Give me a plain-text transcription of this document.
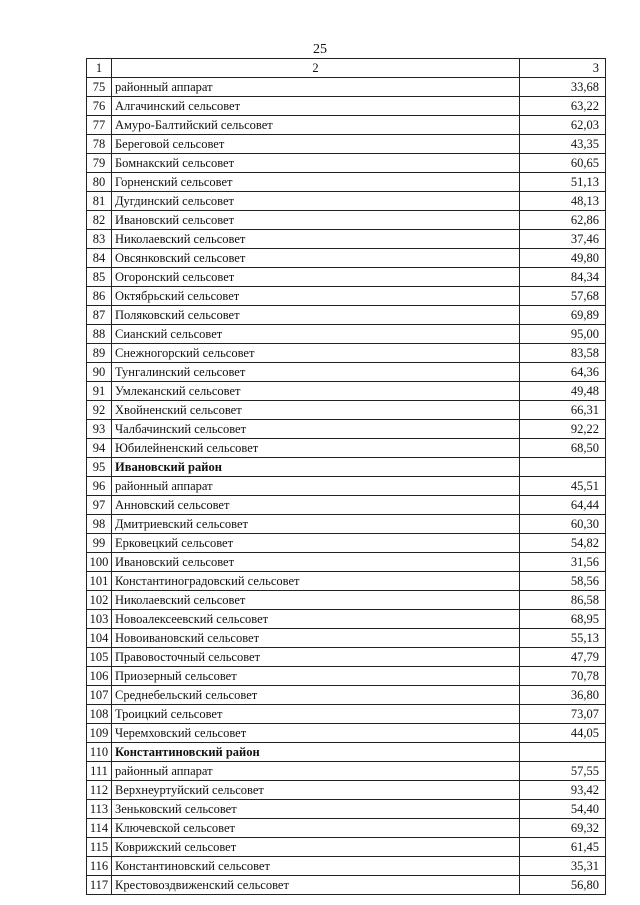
25
1	2	3
75	районный аппарат	33,68
76	Алгачинский сельсовет	63,22
77	Амуро-Балтийский сельсовет	62,03
78	Береговой сельсовет	43,35
79	Бомнакский сельсовет	60,65
80	Горненский сельсовет	51,13
81	Дугдинский сельсовет	48,13
82	Ивановский сельсовет	62,86
83	Николаевский сельсовет	37,46
84	Овсянковский сельсовет	49,80
85	Огоронский сельсовет	84,34
86	Октябрьский сельсовет	57,68
87	Поляковский сельсовет	69,89
88	Сианский сельсовет	95,00
89	Снежногорский сельсовет	83,58
90	Тунгалинский сельсовет	64,36
91	Умлеканский сельсовет	49,48
92	Хвойненский сельсовет	66,31
93	Чалбачинский сельсовет	92,22
94	Юбилейненский сельсовет	68,50
95	Ивановский район	
96	районный аппарат	45,51
97	Анновский сельсовет	64,44
98	Дмитриевский сельсовет	60,30
99	Ерковецкий сельсовет	54,82
100	Ивановский сельсовет	31,56
101	Константиноградовский сельсовет	58,56
102	Николаевский сельсовет	86,58
103	Новоалексеевский сельсовет	68,95
104	Новоивановский сельсовет	55,13
105	Правовосточный сельсовет	47,79
106	Приозерный сельсовет	70,78
107	Среднебельский сельсовет	36,80
108	Троицкий сельсовет	73,07
109	Черемховский сельсовет	44,05
110	Константиновский район	
111	районный аппарат	57,55
112	Верхнеуртуйский сельсовет	93,42
113	Зеньковский сельсовет	54,40
114	Ключевской сельсовет	69,32
115	Коврижский сельсовет	61,45
116	Константиновский сельсовет	35,31
117	Крестовоздвиженский сельсовет	56,80
